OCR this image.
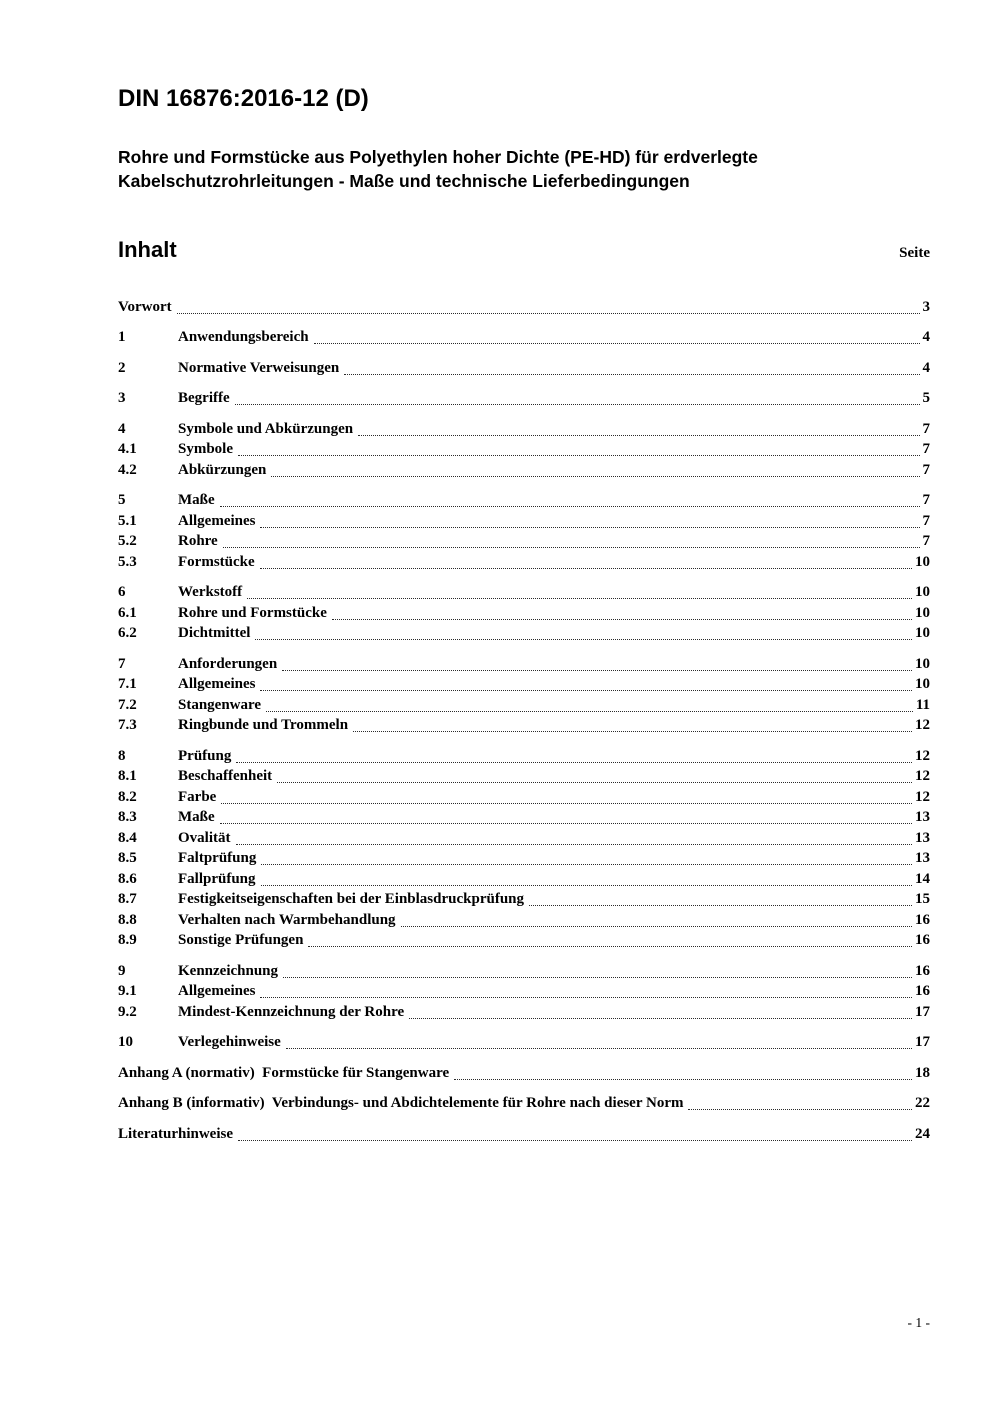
DIN 16876:2016-12 (D)
Rohre und Formstücke aus Polyethylen hoher Dichte (PE-HD) für erdverlegte Kabelschutzrohrleitungen - Maße und technische Lieferbedingungen
Inhalt	Seite
Vorwort	3
1	Anwendungsbereich	4
2	Normative Verweisungen	4
3	Begriffe	5
4	Symbole und Abkürzungen	7
4.1	Symbole	7
4.2	Abkürzungen	7
5	Maße	7
5.1	Allgemeines	7
5.2	Rohre	7
5.3	Formstücke	10
6	Werkstoff	10
6.1	Rohre und Formstücke	10
6.2	Dichtmittel	10
7	Anforderungen	10
7.1	Allgemeines	10
7.2	Stangenware	11
7.3	Ringbunde und Trommeln	12
8	Prüfung	12
8.1	Beschaffenheit	12
8.2	Farbe	12
8.3	Maße	13
8.4	Ovalität	13
8.5	Faltprüfung	13
8.6	Fallprüfung	14
8.7	Festigkeitseigenschaften bei der Einblasdruckprüfung	15
8.8	Verhalten nach Warmbehandlung	16
8.9	Sonstige Prüfungen	16
9	Kennzeichnung	16
9.1	Allgemeines	16
9.2	Mindest-Kennzeichnung der Rohre	17
10	Verlegehinweise	17
Anhang A (normativ)  Formstücke für Stangenware	18
Anhang B (informativ)  Verbindungs- und Abdichtelemente für Rohre nach dieser Norm	22
Literaturhinweise	24
- 1 -
